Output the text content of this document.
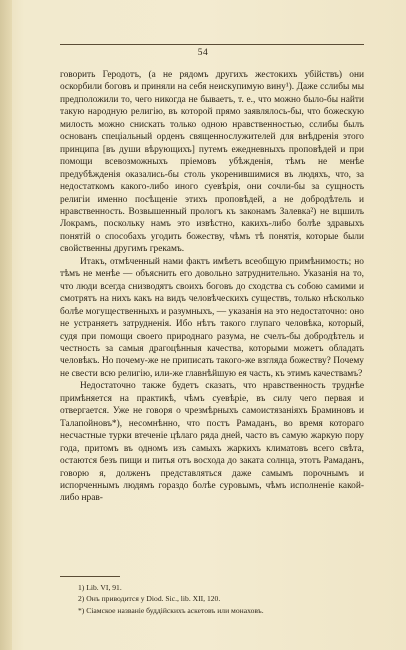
54

говорить Геродотъ, (а не рядомъ другихъ жестокихъ убійствъ) они оскорбили боговъ и приняли на себя неискупимую вину¹). Даже сслибы мы предположили то, чего никогда не бываетъ, т. е., что можно было-бы найти такую народную религію, въ которой прямо заявлялось-бы, что божескую милость можно снискать только одною нравственностью, сслибы былъ основанъ спеціальный орденъ священнослужителей для внѣдренія этого принципа [въ души вѣрующихъ] путемъ ежедневныхъ проповѣдей и при помощи всевозможныхъ пріемовъ убѣжденія, тѣмъ не менѣе предубѣжденія оказались-бы столь укоренившимися въ людяхъ, что, за недостаткомъ какого-либо иного суевѣрія, они сочли-бы за сущность религіи именно посѣщеніе этихъ проповѣдей, а не добродѣтель и нравственность. Возвышенный прологъ къ законамъ Залевка²) не вцшилъ Локрамъ, поскольку намъ это извѣстно, какихъ-либо болѣе здравыхъ понятій о способахъ угодить божеству, чѣмъ тѣ понятія, которые были свойственны другимъ грекамъ.

Итакъ, отмѣченный нами фактъ имѣетъ всеобщую примѣнимость; но тѣмъ не менѣе — объяснить его довольно затруднительно. Указанія на то, что люди всегда снизводятъ своихъ боговъ до сходства съ собою самими и смотрятъ на нихъ какъ на видъ человѣческихъ существъ, только нѣсколько болѣе могущественныхъ и разумныхъ, — указанія на это недостаточно: оно не устраняетъ затрудненія. Ибо нѣтъ такого глупаго человѣка, который, судя при помощи своего природнаго разума, не счелъ-бы добродѣтель и честность за самыя драгоцѣнныя качества, которыми можетъ обладать человѣкъ. Но почему-же не приписать такого-же взгляда божеству? Почему не свести всю религію, или-же главнѣйшую ея часть, къ этимъ качествамъ?

Недостаточно также будетъ сказать, что нравственность труднѣе примѣняется на практикѣ, чѣмъ суевѣріе, въ силу чего первая и отвергается. Уже не говоря о чрезмѣрныхъ самоистязаніяхъ Браминовъ и Талапойновъ*), несомнѣнно, что постъ Рамаданъ, во время котораго несчастные турки втеченіе цѣлаго ряда дней, часто въ самую жаркую пору года, притомъ въ одномъ изъ самыхъ жаркихъ климатовъ всего свѣта, остаются безъ пищи и питья отъ восхода до заката солнца, этотъ Рамаданъ, говорю я, долженъ представляться даже самымъ порочнымъ и испорченнымъ людямъ гораздо болѣе суровымъ, чѣмъ исполненіе какой-либо нрав-

1) Lib. VI, 91.
2) Онъ приводится у Diod. Sic., lib. XII, 120.
*) Сіамское названіе буддійскихъ аскетовъ или монаховъ.
